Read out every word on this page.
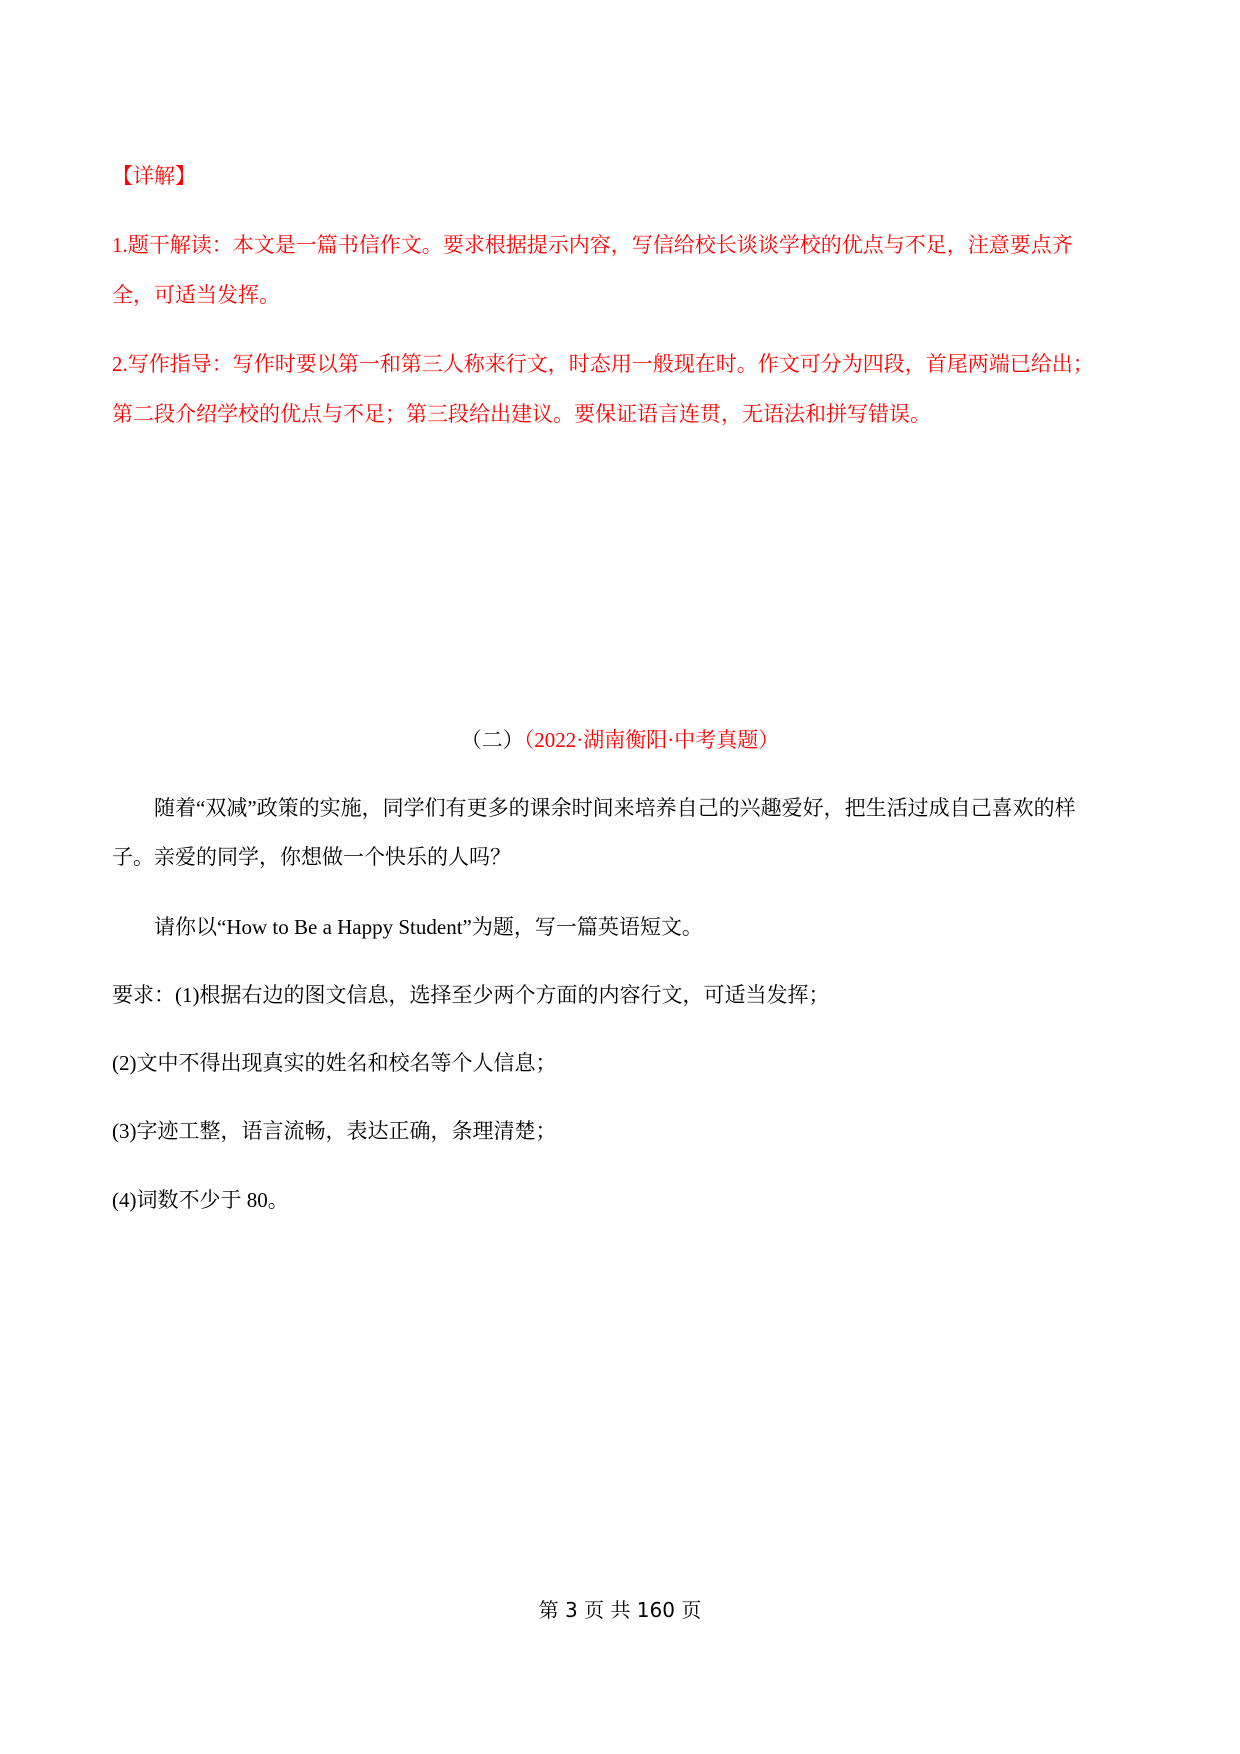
【详解】
1.题干解读：本文是一篇书信作文。要求根据提示内容，写信给校长谈谈学校的优点与不足，注意要点齐
全，可适当发挥。
2.写作指导：写作时要以第一和第三人称来行文，时态用一般现在时。作文可分为四段，首尾两端已给出；
第二段介绍学校的优点与不足；第三段给出建议。要保证语言连贯，无语法和拼写错误。
（二）（2022·湖南衡阳·中考真题）
随着“双减”政策的实施，同学们有更多的课余时间来培养自己的兴趣爱好，把生活过成自己喜欢的样
子。亲爱的同学，你想做一个快乐的人吗？
请你以“How to Be a Happy Student”为题，写一篇英语短文。
要求：(1)根据右边的图文信息，选择至少两个方面的内容行文，可适当发挥；
(2)文中不得出现真实的姓名和校名等个人信息；
(3)字迹工整，语言流畅，表达正确，条理清楚；
(4)词数不少于 80。
第 3 页 共 160 页
